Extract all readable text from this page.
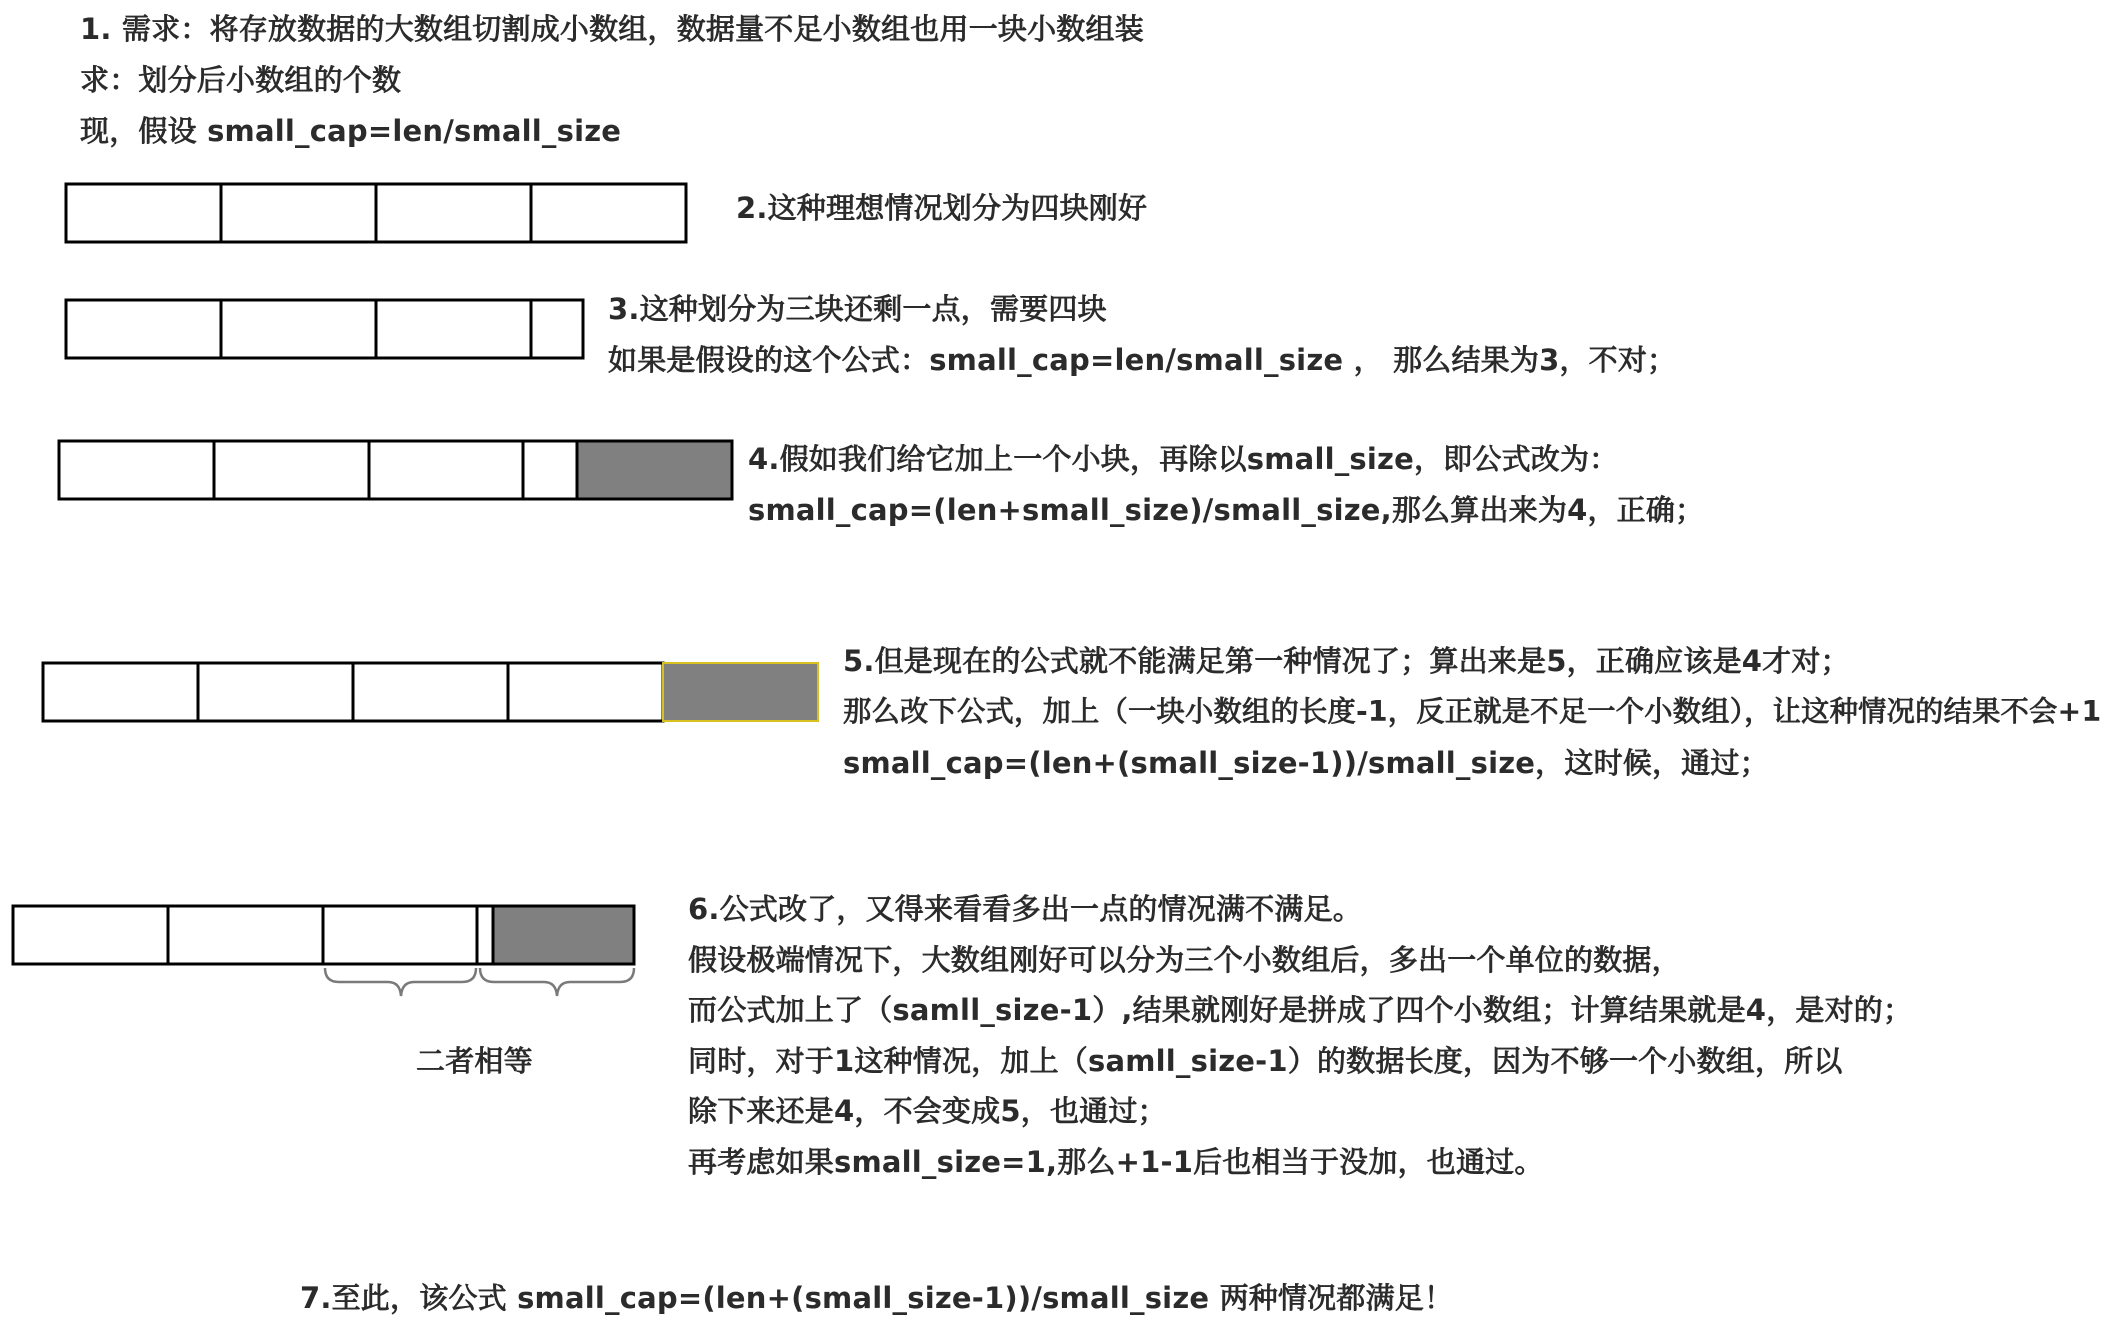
1. 需求：将存放数据的大数组切割成小数组，数据量不足小数组也用一块小数组装
求：划分后小数组的个数
现，假设 small_cap=len/small_size
2.这种理想情况划分为四块刚好
3.这种划分为三块还剩一点，需要四块
如果是假设的这个公式：small_cap=len/small_size ， 那么结果为3，不对；
4.假如我们给它加上一个小块，再除以small_size，即公式改为：
small_cap=(len+small_size)/small_size,那么算出来为4，正确；
5.但是现在的公式就不能满足第一种情况了；算出来是5，正确应该是4才对；
那么改下公式，加上（一块小数组的长度-1，反正就是不足一个小数组），让这种情况的结果不会+1
small_cap=(len+(small_size-1))/small_size，这时候，通过；
6.公式改了，又得来看看多出一点的情况满不满足。
假设极端情况下，大数组刚好可以分为三个小数组后，多出一个单位的数据，
而公式加上了（samll_size-1）,结果就刚好是拼成了四个小数组；计算结果就是4，是对的；
同时，对于1这种情况，加上（samll_size-1）的数据长度，因为不够一个小数组，所以
除下来还是4，不会变成5，也通过；
再考虑如果small_size=1,那么+1-1后也相当于没加，也通过。
二者相等
7.至此，该公式 small_cap=(len+(small_size-1))/small_size 两种情况都满足！
